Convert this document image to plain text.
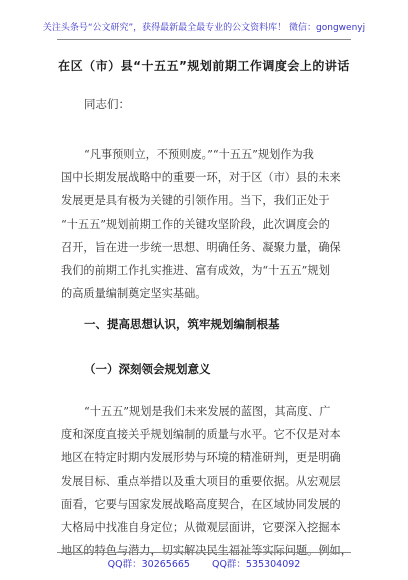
关注头条号“公文研究”，获得最新最全最专业的公文资料库！ 微信：gongwenyj
在区（市）县“十五五”规划前期工作调度会上的讲话
同志们：
“凡事预则立，不预则废。”“十五五”规划作为我
国中长期发展战略中的重要一环，对于区（市）县的未来
发展更是具有极为关键的引领作用。当下，我们正处于
“十五五”规划前期工作的关键攻坚阶段，此次调度会的
召开，旨在进一步统一思想、明确任务、凝聚力量，确保
我们的前期工作扎实推进、富有成效，为“十五五”规划
的高质量编制奠定坚实基础。
一、提高思想认识，筑牢规划编制根基
（一）深刻领会规划意义
“十五五”规划是我们未来发展的蓝图，其高度、广
度和深度直接关乎规划编制的质量与水平。它不仅是对本
地区在特定时期内发展形势与环境的精准研判，更是明确
发展目标、重点举措以及重大项目的重要依据。从宏观层
面看，它要与国家发展战略高度契合，在区域协同发展的
大格局中找准自身定位；从微观层面讲，它要深入挖掘本
地区的特色与潜力，切实解决民生福祉等实际问题。例如，
QQ群：30265665 QQ群：535304092
